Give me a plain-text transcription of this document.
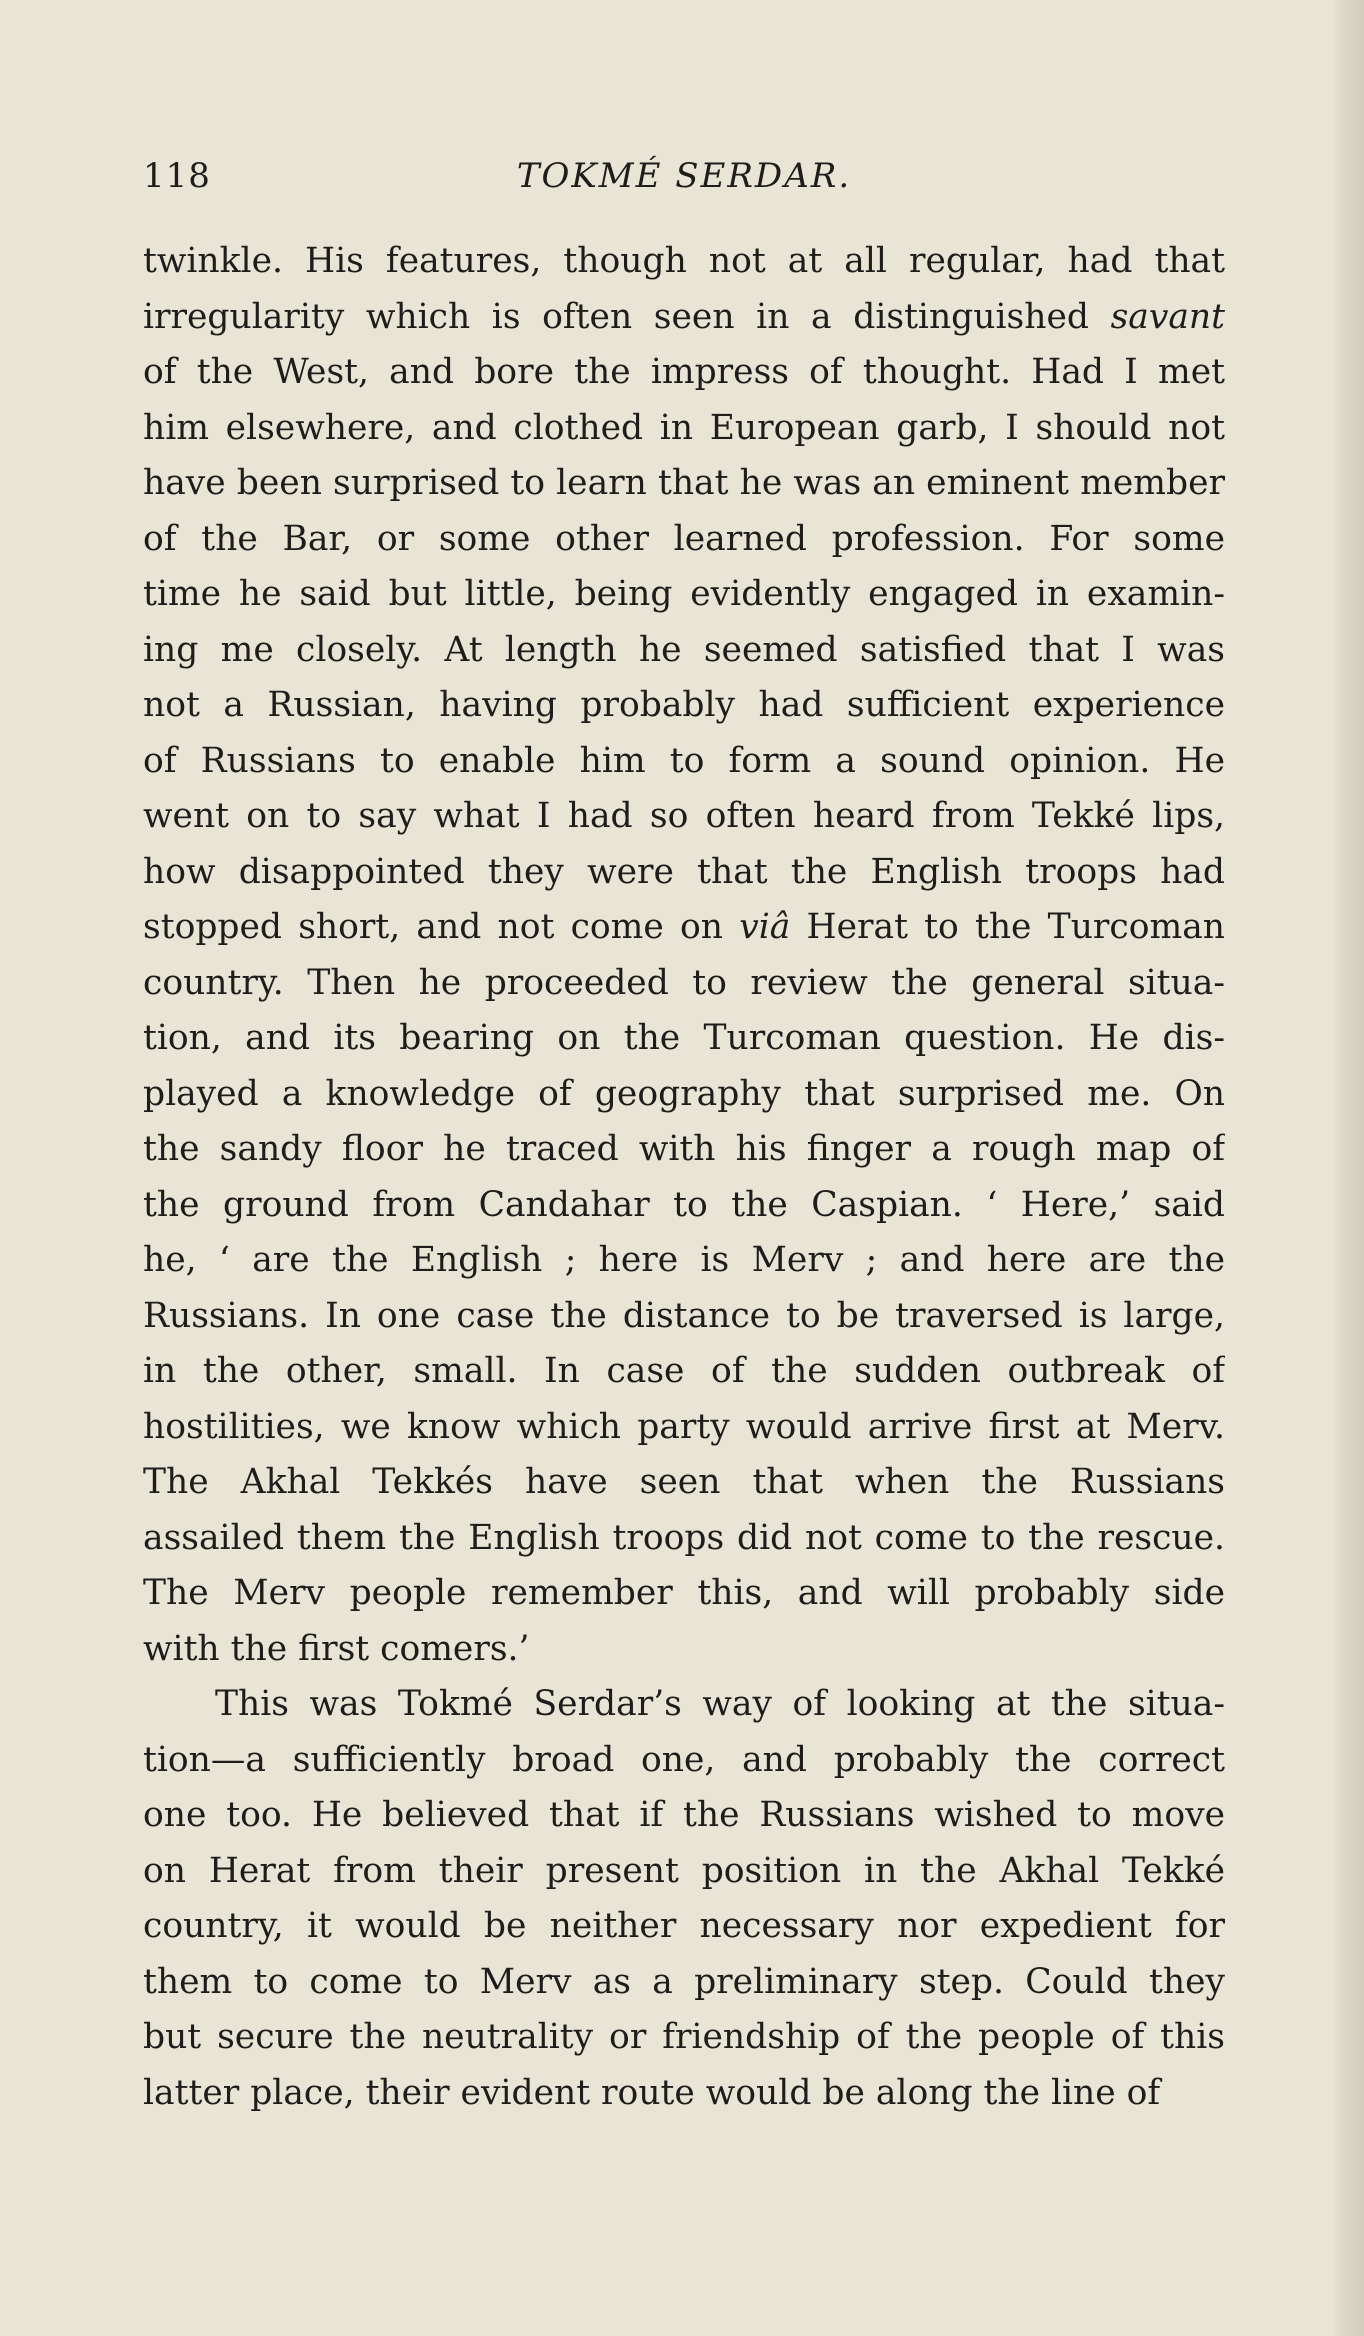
118	TOKMÉ SERDAR.
twinkle. His features, though not at all regular, had that
irregularity which is often seen in a distinguished savant
of the West, and bore the impress of thought. Had I met
him elsewhere, and clothed in European garb, I should not
have been surprised to learn that he was an eminent member
of the Bar, or some other learned profession. For some
time he said but little, being evidently engaged in examin-
ing me closely. At length he seemed satisfied that I was
not a Russian, having probably had sufficient experience
of Russians to enable him to form a sound opinion. He
went on to say what I had so often heard from Tekké lips,
how disappointed they were that the English troops had
stopped short, and not come on viâ Herat to the Turcoman
country. Then he proceeded to review the general situa-
tion, and its bearing on the Turcoman question. He dis-
played a knowledge of geography that surprised me. On
the sandy floor he traced with his finger a rough map of
the ground from Candahar to the Caspian. ‘ Here,’ said
he, ‘ are the English ; here is Merv ; and here are the
Russians. In one case the distance to be traversed is large,
in the other, small. In case of the sudden outbreak of
hostilities, we know which party would arrive first at Merv.
The Akhal Tekkés have seen that when the Russians
assailed them the English troops did not come to the rescue.
The Merv people remember this, and will probably side
with the first comers.’
This was Tokmé Serdar’s way of looking at the situa-
tion—a sufficiently broad one, and probably the correct
one too. He believed that if the Russians wished to move
on Herat from their present position in the Akhal Tekké
country, it would be neither necessary nor expedient for
them to come to Merv as a preliminary step. Could they
but secure the neutrality or friendship of the people of this
latter place, their evident route would be along the line of
